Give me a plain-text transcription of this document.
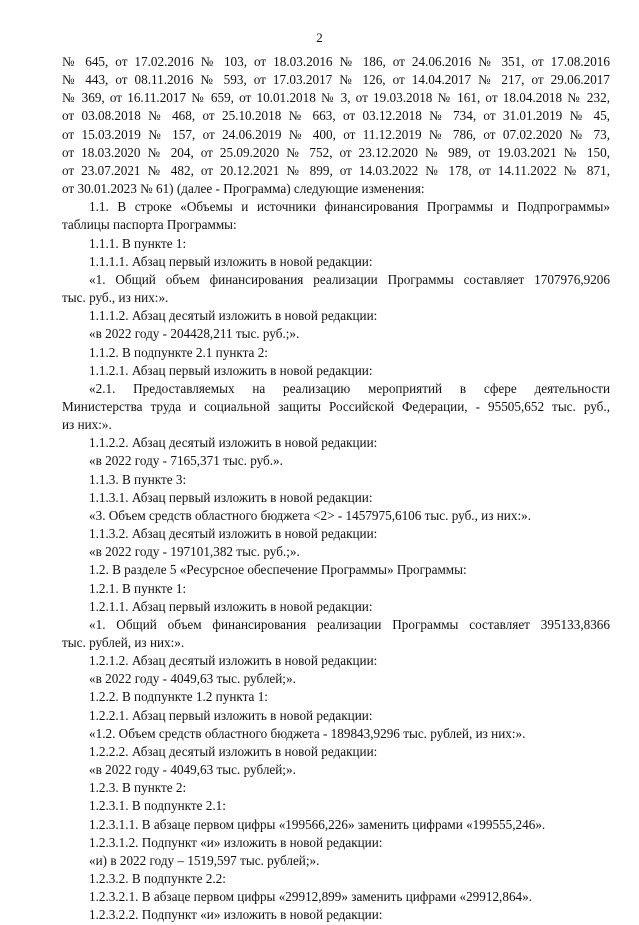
2

№ 645, от 17.02.2016 № 103, от 18.03.2016 № 186, от 24.06.2016 № 351, от 17.08.2016

№ 443, от 08.11.2016 № 593, от 17.03.2017 № 126, от 14.04.2017 № 217, от 29.06.2017

№ 369, от 16.11.2017 № 659, от 10.01.2018 № 3, от 19.03.2018 № 161, от 18.04.2018 № 232,

от 03.08.2018 № 468, от 25.10.2018 № 663, от 03.12.2018 № 734, от 31.01.2019 № 45,

от 15.03.2019 № 157, от 24.06.2019 № 400, от 11.12.2019 № 786, от 07.02.2020 № 73,

от 18.03.2020 № 204, от 25.09.2020 № 752, от 23.12.2020 № 989, от 19.03.2021 № 150,

от 23.07.2021 № 482, от 20.12.2021 № 899, от 14.03.2022 № 178, от 14.11.2022 № 871,

от 30.01.2023 № 61) (далее - Программа) следующие изменения:

1.1. В строке «Объемы и источники финансирования Программы и Подпрограммы»

таблицы паспорта Программы:

1.1.1. В пункте 1:

1.1.1.1. Абзац первый изложить в новой редакции:

«1. Общий объем финансирования реализации Программы составляет 1707976,9206

тыс. руб., из них:».

1.1.1.2. Абзац десятый изложить в новой редакции:

«в 2022 году - 204428,211 тыс. руб.;».

1.1.2. В подпункте 2.1 пункта 2:

1.1.2.1. Абзац первый изложить в новой редакции:

«2.1. Предоставляемых на реализацию мероприятий в сфере деятельности

Министерства труда и социальной защиты Российской Федерации, - 95505,652 тыс. руб.,

из них:».

1.1.2.2. Абзац десятый изложить в новой редакции:

«в 2022 году - 7165,371 тыс. руб.».

1.1.3. В пункте 3:

1.1.3.1. Абзац первый изложить в новой редакции:

«3. Объем средств областного бюджета <2> - 1457975,6106 тыс. руб., из них:».

1.1.3.2. Абзац десятый изложить в новой редакции:

«в 2022 году - 197101,382 тыс. руб.;».

1.2. В разделе 5 «Ресурсное обеспечение Программы» Программы:

1.2.1. В пункте 1:

1.2.1.1. Абзац первый изложить в новой редакции:

«1. Общий объем финансирования реализации Программы составляет 395133,8366

тыс. рублей, из них:».

1.2.1.2. Абзац десятый изложить в новой редакции:

«в 2022 году - 4049,63 тыс. рублей;».

1.2.2. В подпункте 1.2 пункта 1:

1.2.2.1. Абзац первый изложить в новой редакции:

«1.2. Объем средств областного бюджета - 189843,9296 тыс. рублей, из них:».

1.2.2.2. Абзац десятый изложить в новой редакции:

«в 2022 году - 4049,63 тыс. рублей;».

1.2.3. В пункте 2:

1.2.3.1. В подпункте 2.1:

1.2.3.1.1. В абзаце первом цифры «199566,226» заменить цифрами «199555,246».

1.2.3.1.2. Подпункт «и» изложить в новой редакции:

«и) в 2022 году – 1519,597 тыс. рублей;».

1.2.3.2. В подпункте 2.2:

1.2.3.2.1. В абзаце первом цифры «29912,899» заменить цифрами «29912,864».

1.2.3.2.2. Подпункт «и» изложить в новой редакции:
